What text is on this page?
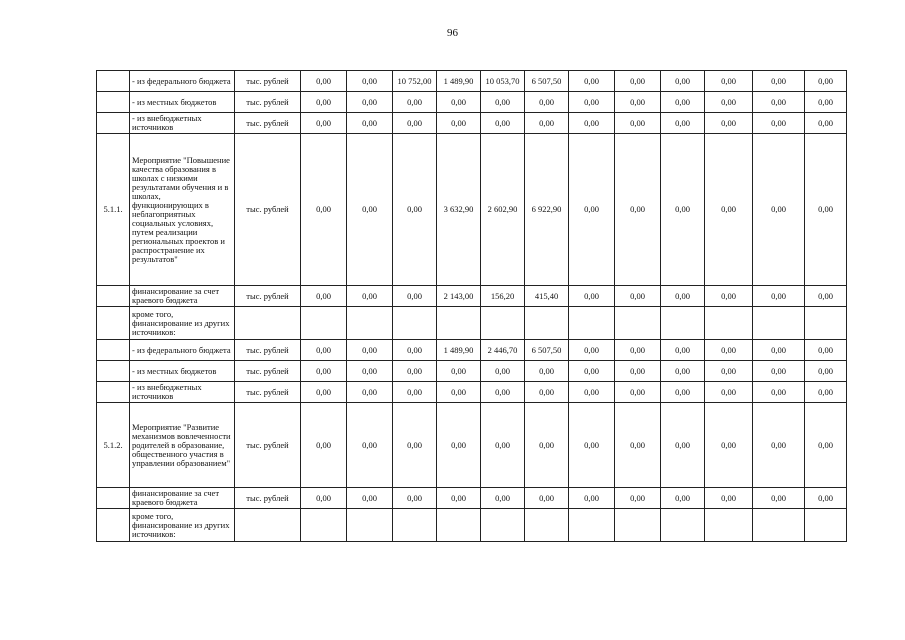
96
	- из федерального бюджета	тыс. рублей	0,00	0,00	10 752,00	1 489,90	10 053,70	6 507,50	0,00	0,00	0,00	0,00	0,00	0,00
	- из местных бюджетов	тыс. рублей	0,00	0,00	0,00	0,00	0,00	0,00	0,00	0,00	0,00	0,00	0,00	0,00
	- из внебюджетных источников	тыс. рублей	0,00	0,00	0,00	0,00	0,00	0,00	0,00	0,00	0,00	0,00	0,00	0,00
5.1.1.	Мероприятие "Повышение качества образования в школах с низкими результатами обучения и в школах, функционирующих в неблагоприятных социальных условиях, путем реализации региональных проектов и распространение их результатов"	тыс. рублей	0,00	0,00	0,00	3 632,90	2 602,90	6 922,90	0,00	0,00	0,00	0,00	0,00	0,00
	финансирование за счет краевого бюджета	тыс. рублей	0,00	0,00	0,00	2 143,00	156,20	415,40	0,00	0,00	0,00	0,00	0,00	0,00
	кроме того, финансирование из других источников:													
	- из федерального бюджета	тыс. рублей	0,00	0,00	0,00	1 489,90	2 446,70	6 507,50	0,00	0,00	0,00	0,00	0,00	0,00
	- из местных бюджетов	тыс. рублей	0,00	0,00	0,00	0,00	0,00	0,00	0,00	0,00	0,00	0,00	0,00	0,00
	- из внебюджетных источников	тыс. рублей	0,00	0,00	0,00	0,00	0,00	0,00	0,00	0,00	0,00	0,00	0,00	0,00
5.1.2.	Мероприятие "Развитие механизмов вовлеченности родителей в образование, общественного участия в управлении образованием"	тыс. рублей	0,00	0,00	0,00	0,00	0,00	0,00	0,00	0,00	0,00	0,00	0,00	0,00
	финансирование за счет краевого бюджета	тыс. рублей	0,00	0,00	0,00	0,00	0,00	0,00	0,00	0,00	0,00	0,00	0,00	0,00
	кроме того, финансирование из других источников:													
